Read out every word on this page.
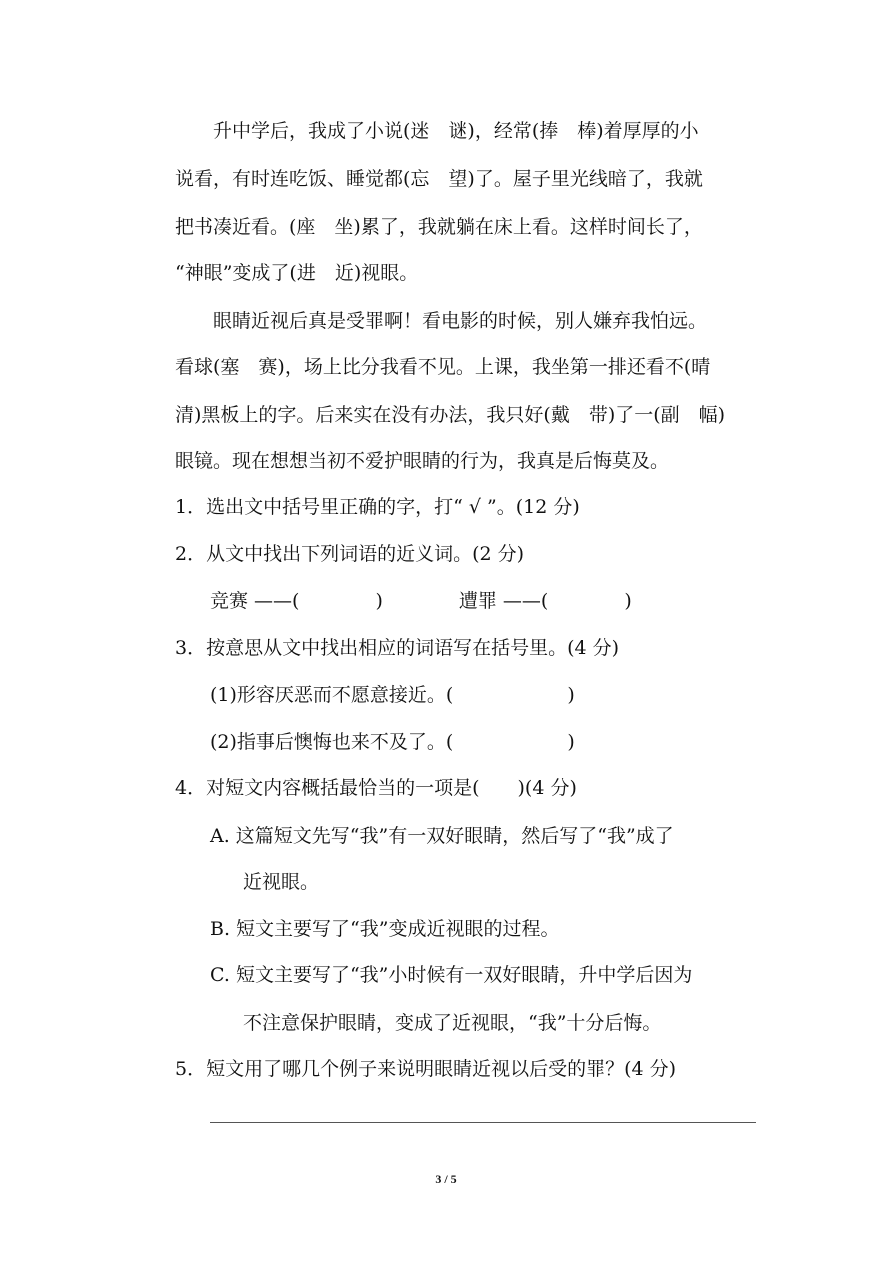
　　升中学后，我成了小说(迷　谜)，经常(捧　棒)着厚厚的小
说看，有时连吃饭、睡觉都(忘　望)了。屋子里光线暗了，我就
把书凑近看。(座　坐)累了，我就躺在床上看。这样时间长了，
“神眼”变成了(进　近)视眼。
　　眼睛近视后真是受罪啊！看电影的时候，别人嫌弃我怕远。
看球(塞　赛)，场上比分我看不见。上课，我坐第一排还看不(晴
清)黑板上的字。后来实在没有办法，我只好(戴　带)了一(副　幅)
眼镜。现在想想当初不爱护眼睛的行为，我真是后悔莫及。
1．选出文中括号里正确的字，打“ √ ”。(12 分)
2．从文中找出下列词语的近义词。(2 分)
竞赛 ——(　　　　)　　　　遭罪 ——(　　　　)
3．按意思从文中找出相应的词语写在括号里。(4 分)
(1)形容厌恶而不愿意接近。(　　　　　　)
(2)指事后懊悔也来不及了。(　　　　　　)
4．对短文内容概括最恰当的一项是(　　)(4 分)
A. 这篇短文先写“我”有一双好眼睛，然后写了“我”成了
近视眼。
B. 短文主要写了“我”变成近视眼的过程。
C. 短文主要写了“我”小时候有一双好眼睛，升中学后因为
不注意保护眼睛，变成了近视眼，“我”十分后悔。
5．短文用了哪几个例子来说明眼睛近视以后受的罪？(4 分)
3 / 5
